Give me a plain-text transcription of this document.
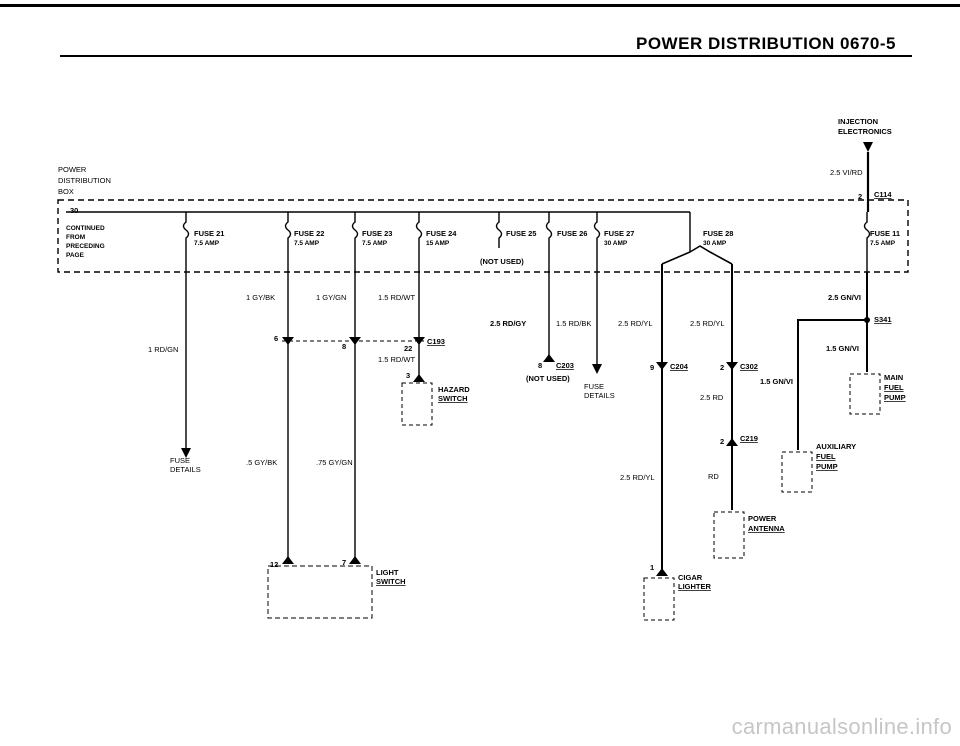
POWER DISTRIBUTION 0670-5
POWER
DISTRIBUTION
BOX
30
CONTINUED
FROM
PRECEDING
PAGE
FUSE 21
7.5 AMP
FUSE 22
7.5 AMP
FUSE 23
7.5 AMP
FUSE 24
15 AMP
FUSE 25	FUSE 26 FUSE 27
30 AMP
FUSE 28
30 AMP
FUSE 11
7.5 AMP
(NOT USED)
INJECTION
ELECTRONICS
2.5 VI/RD
2 C114
1 RD/GN
FUSE
DETAILS
1 GY/BK
.5 GY/BK
1 GY/GN
.75 GY/GN
6
8	22
C193
1.5 RD/WT
1.5 RD/WT
3
HAZARD
SWITCH
12	7
LIGHT
SWITCH
2.5 RD/GY	1.5 RD/BK
8 C203
(NOT USED)
FUSE
DETAILS
2.5 RD/YL
9 C204
2.5 RD/YL
1
CIGAR
LIGHTER
2.5 RD/YL
2 C302
2.5 RD
2 C219
RD
POWER
ANTENNA
2.5 GN/VI
S341
1.5 GN/VI
1.5 GN/VI	MAIN
FUEL
PUMP
AUXILIARY
FUEL
PUMP
carmanualsonline.info
